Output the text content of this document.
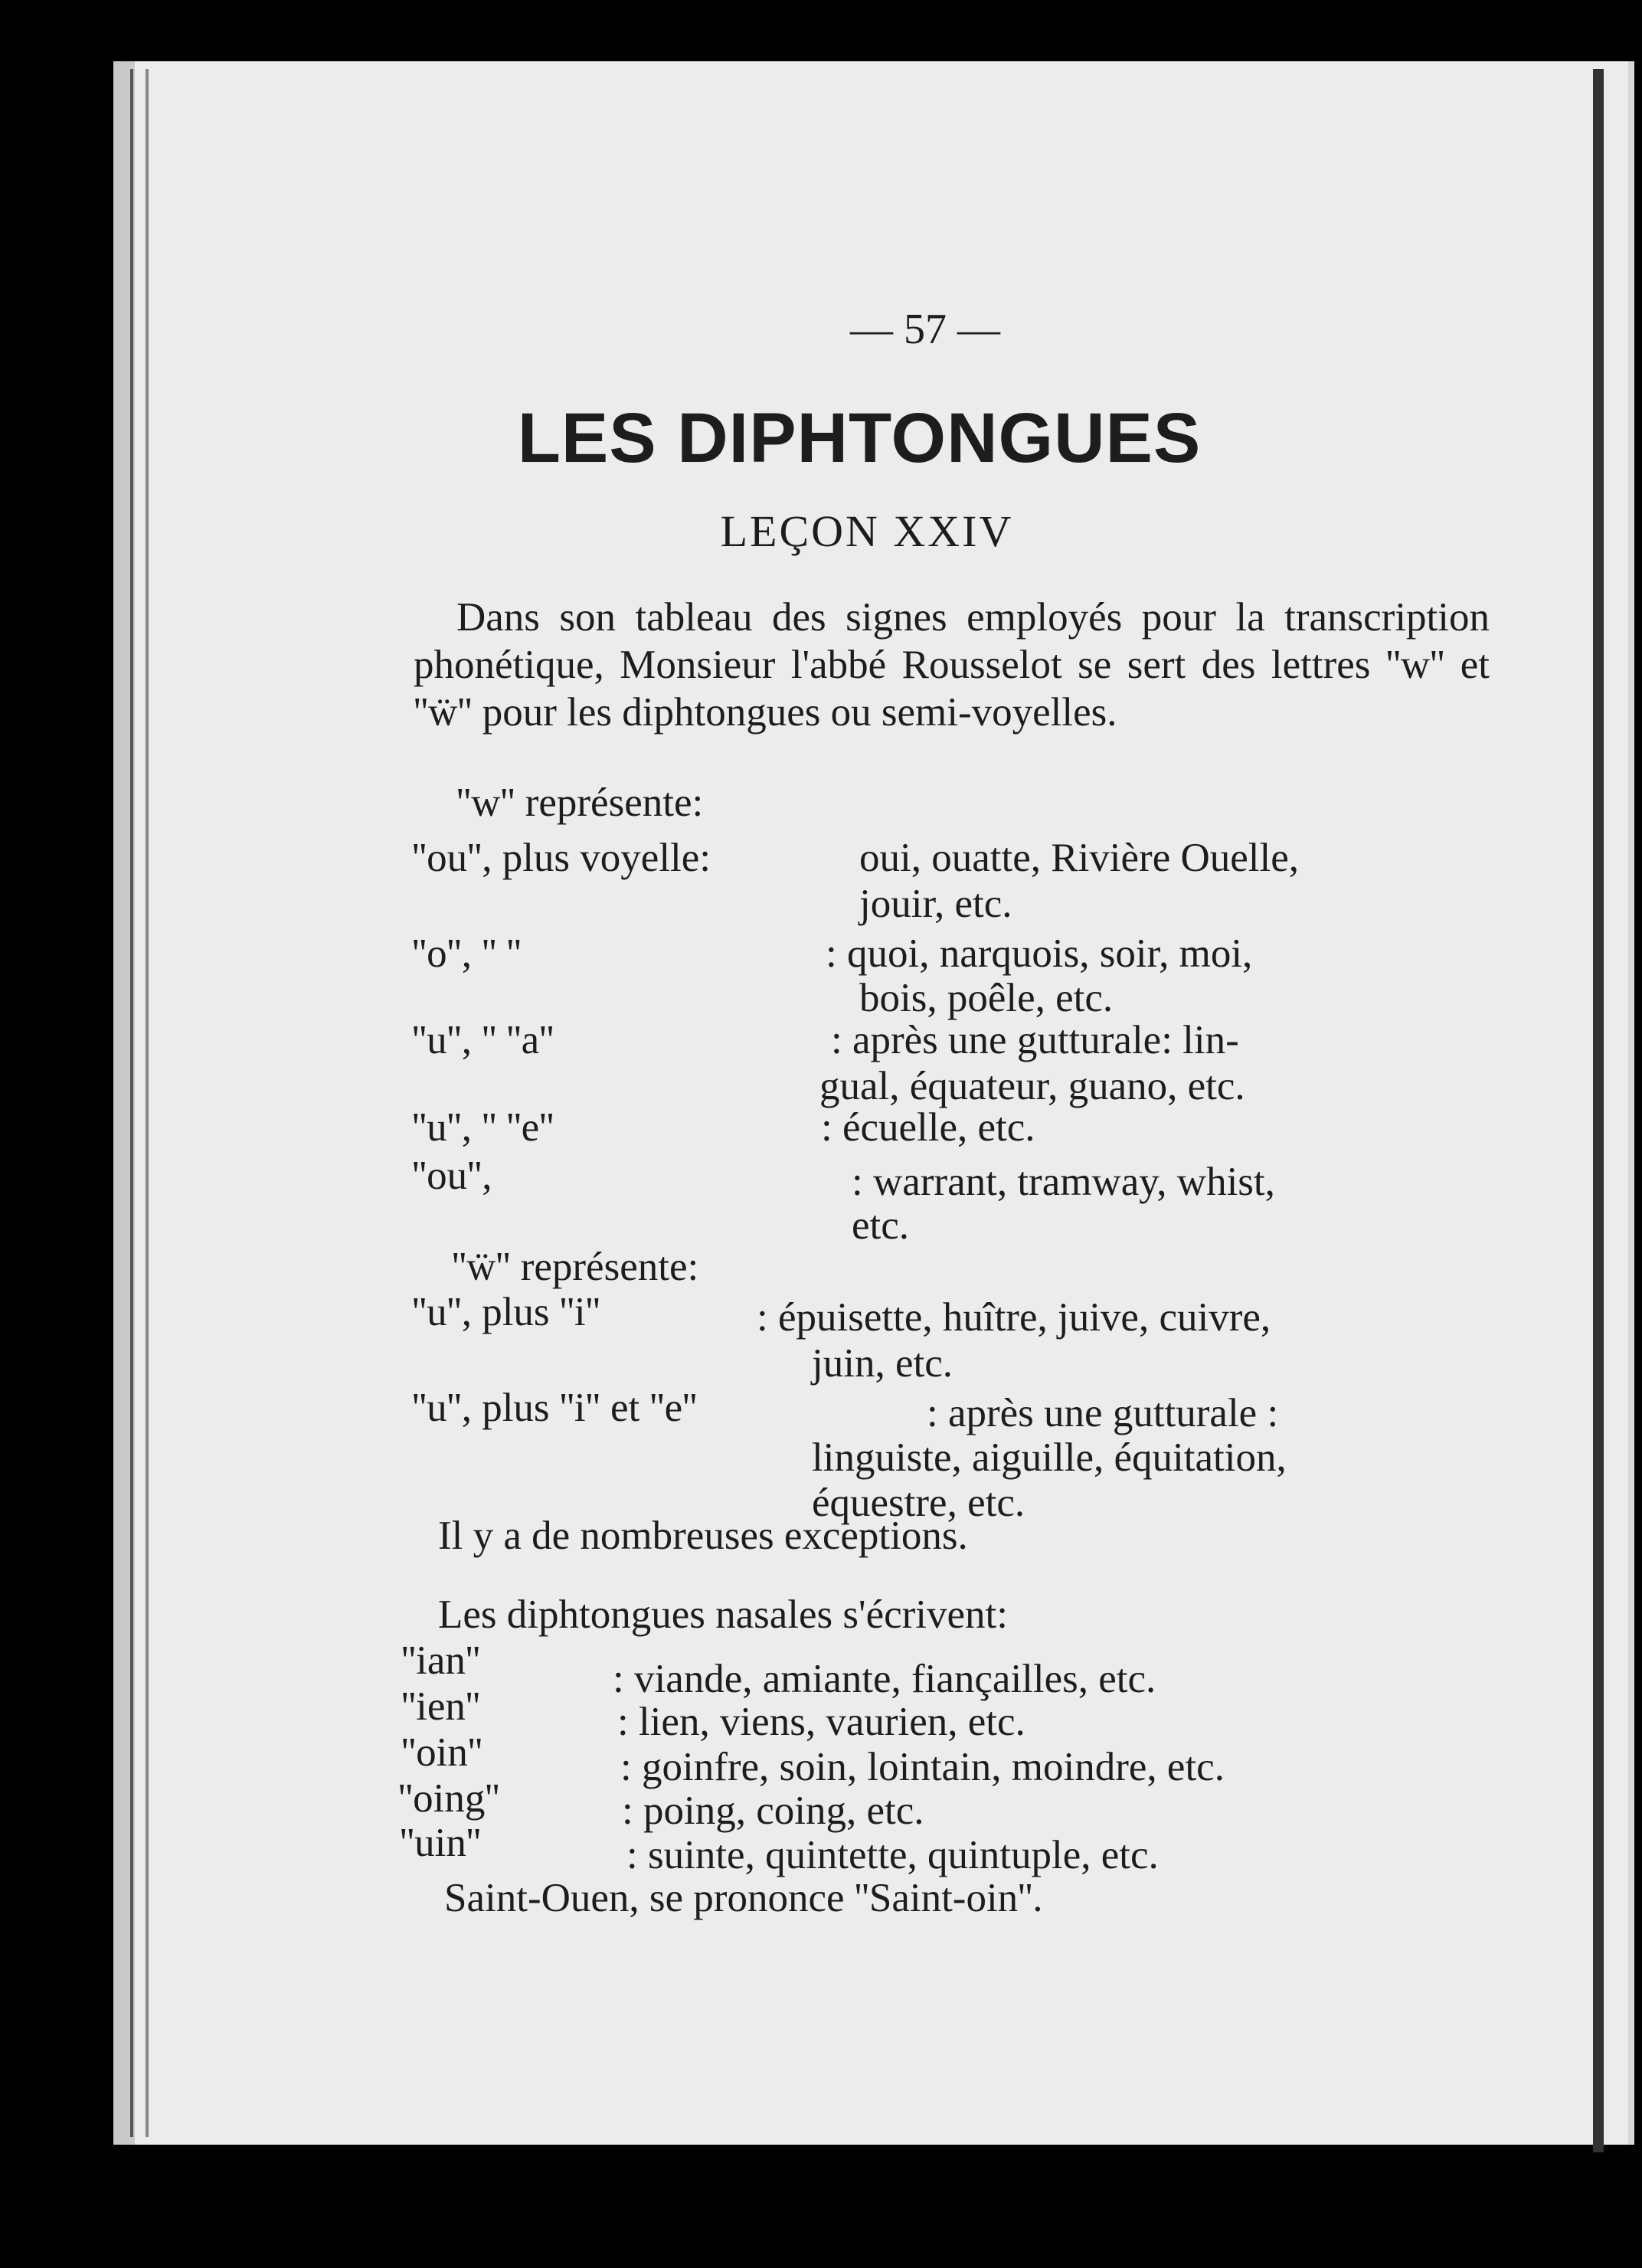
— 57 —
LES DIPHTONGUES
LEÇON XXIV
Dans son tableau des signes employés pour la transcription phonétique, Monsieur l'abbé Rousselot se sert des lettres ''w'' et ''ẅ'' pour les diphtongues ou semi-voyelles.
''w'' représente:
''ou'', plus voyelle:	oui, ouatte, Rivière Ouelle,
jouir, etc.
''o'', '' ''	: quoi, narquois, soir, moi,
bois, poêle, etc.
''u'', '' ''a''	: après une gutturale: lin-
gual, équateur, guano, etc.
''u'', '' ''e''	: écuelle, etc.
''ou'',	: warrant, tramway, whist,
etc.
''ẅ'' représente:
''u'', plus ''i''	: épuisette, huître, juive, cuivre,
juin, etc.
''u'', plus ''i'' et ''e''	: après une gutturale :
linguiste, aiguille, équitation,
équestre, etc.
Il y a de nombreuses exceptions.
Les diphtongues nasales s'écrivent:
''ian''	: viande, amiante, fiançailles, etc.
''ien''	: lien, viens, vaurien, etc.
''oin''	: goinfre, soin, lointain, moindre, etc.
''oing''	: poing, coing, etc.
''uin''	: suinte, quintette, quintuple, etc.
Saint-Ouen, se prononce ''Saint-oin''.
